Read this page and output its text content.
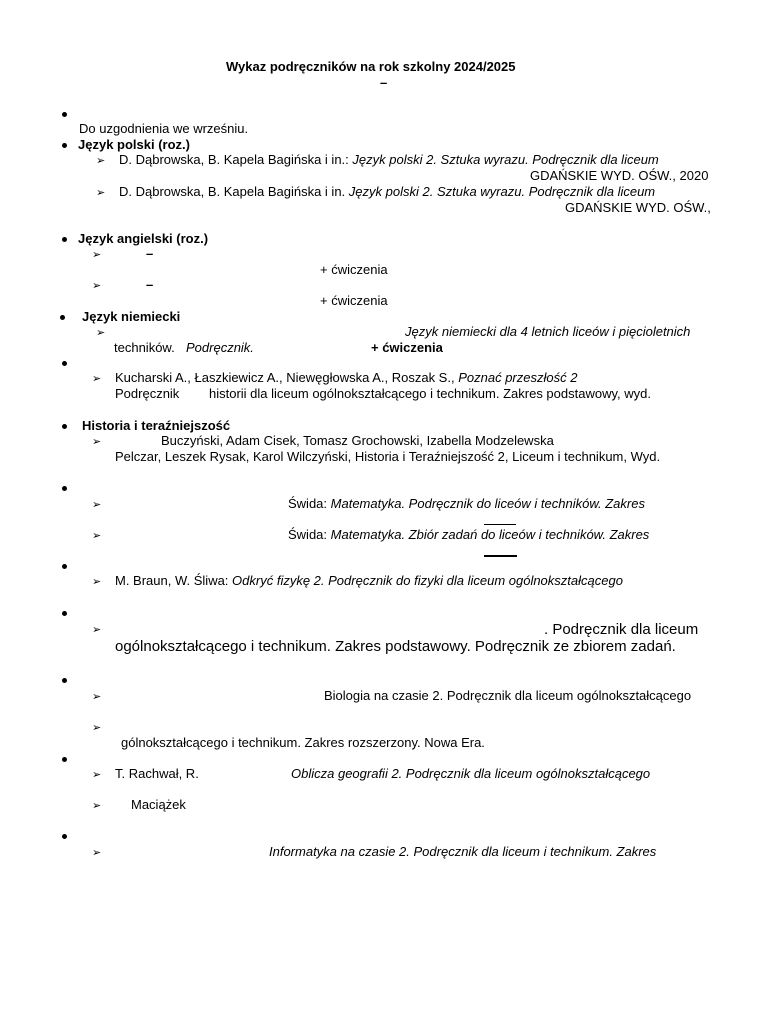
Wykaz podręczników na rok szkolny 2024/2025
–
Do uzgodnienia we wrześniu.
Język polski (roz.)
➢ D. Dąbrowska, B. Kapela Bagińska i in.: Język polski 2. Sztuka wyrazu. Podręcznik dla liceum
GDAŃSKIE WYD. OŚW., 2020
➢ D. Dąbrowska, B. Kapela Bagińska i in. Język polski 2. Sztuka wyrazu. Podręcznik dla liceum
GDAŃSKIE WYD. OŚW.,
Język angielski (roz.)
➢	–
+ ćwiczenia
➢	–
+ ćwiczenia
Język niemiecki
➢	Język niemiecki dla 4 letnich liceów i pięcioletnich
techników. Podręcznik.	+ ćwiczenia
➢ Kucharski A., Łaszkiewicz A., Niewęgłowska A., Roszak S., Poznać przeszłość 2
Podręcznik historii dla liceum ogólnokształcącego i technikum. Zakres podstawowy, wyd.
Historia i teraźniejszość
➢	Buczyński, Adam Cisek, Tomasz Grochowski, Izabella Modzelewska
Pelczar, Leszek Rysak, Karol Wilczyński, Historia i Teraźniejszość 2, Liceum i technikum, Wyd.
➢	Świda: Matematyka. Podręcznik do liceów i techników. Zakres
➢	Świda: Matematyka. Zbiór zadań do liceów i techników. Zakres
➢ M. Braun, W. Śliwa: Odkryć fizykę 2. Podręcznik do fizyki dla liceum ogólnokształcącego
➢	. Podręcznik dla liceum
ogólnokształcącego i technikum. Zakres podstawowy. Podręcznik ze zbiorem zadań.
➢	Biologia na czasie 2. Podręcznik dla liceum ogólnokształcącego
➢
gólnokształcącego i technikum. Zakres rozszerzony. Nowa Era.
➢ T. Rachwał, R.	Oblicza geografii 2. Podręcznik dla liceum ogólnokształcącego
➢ Maciążek
➢	Informatyka na czasie 2. Podręcznik dla liceum i technikum. Zakres
